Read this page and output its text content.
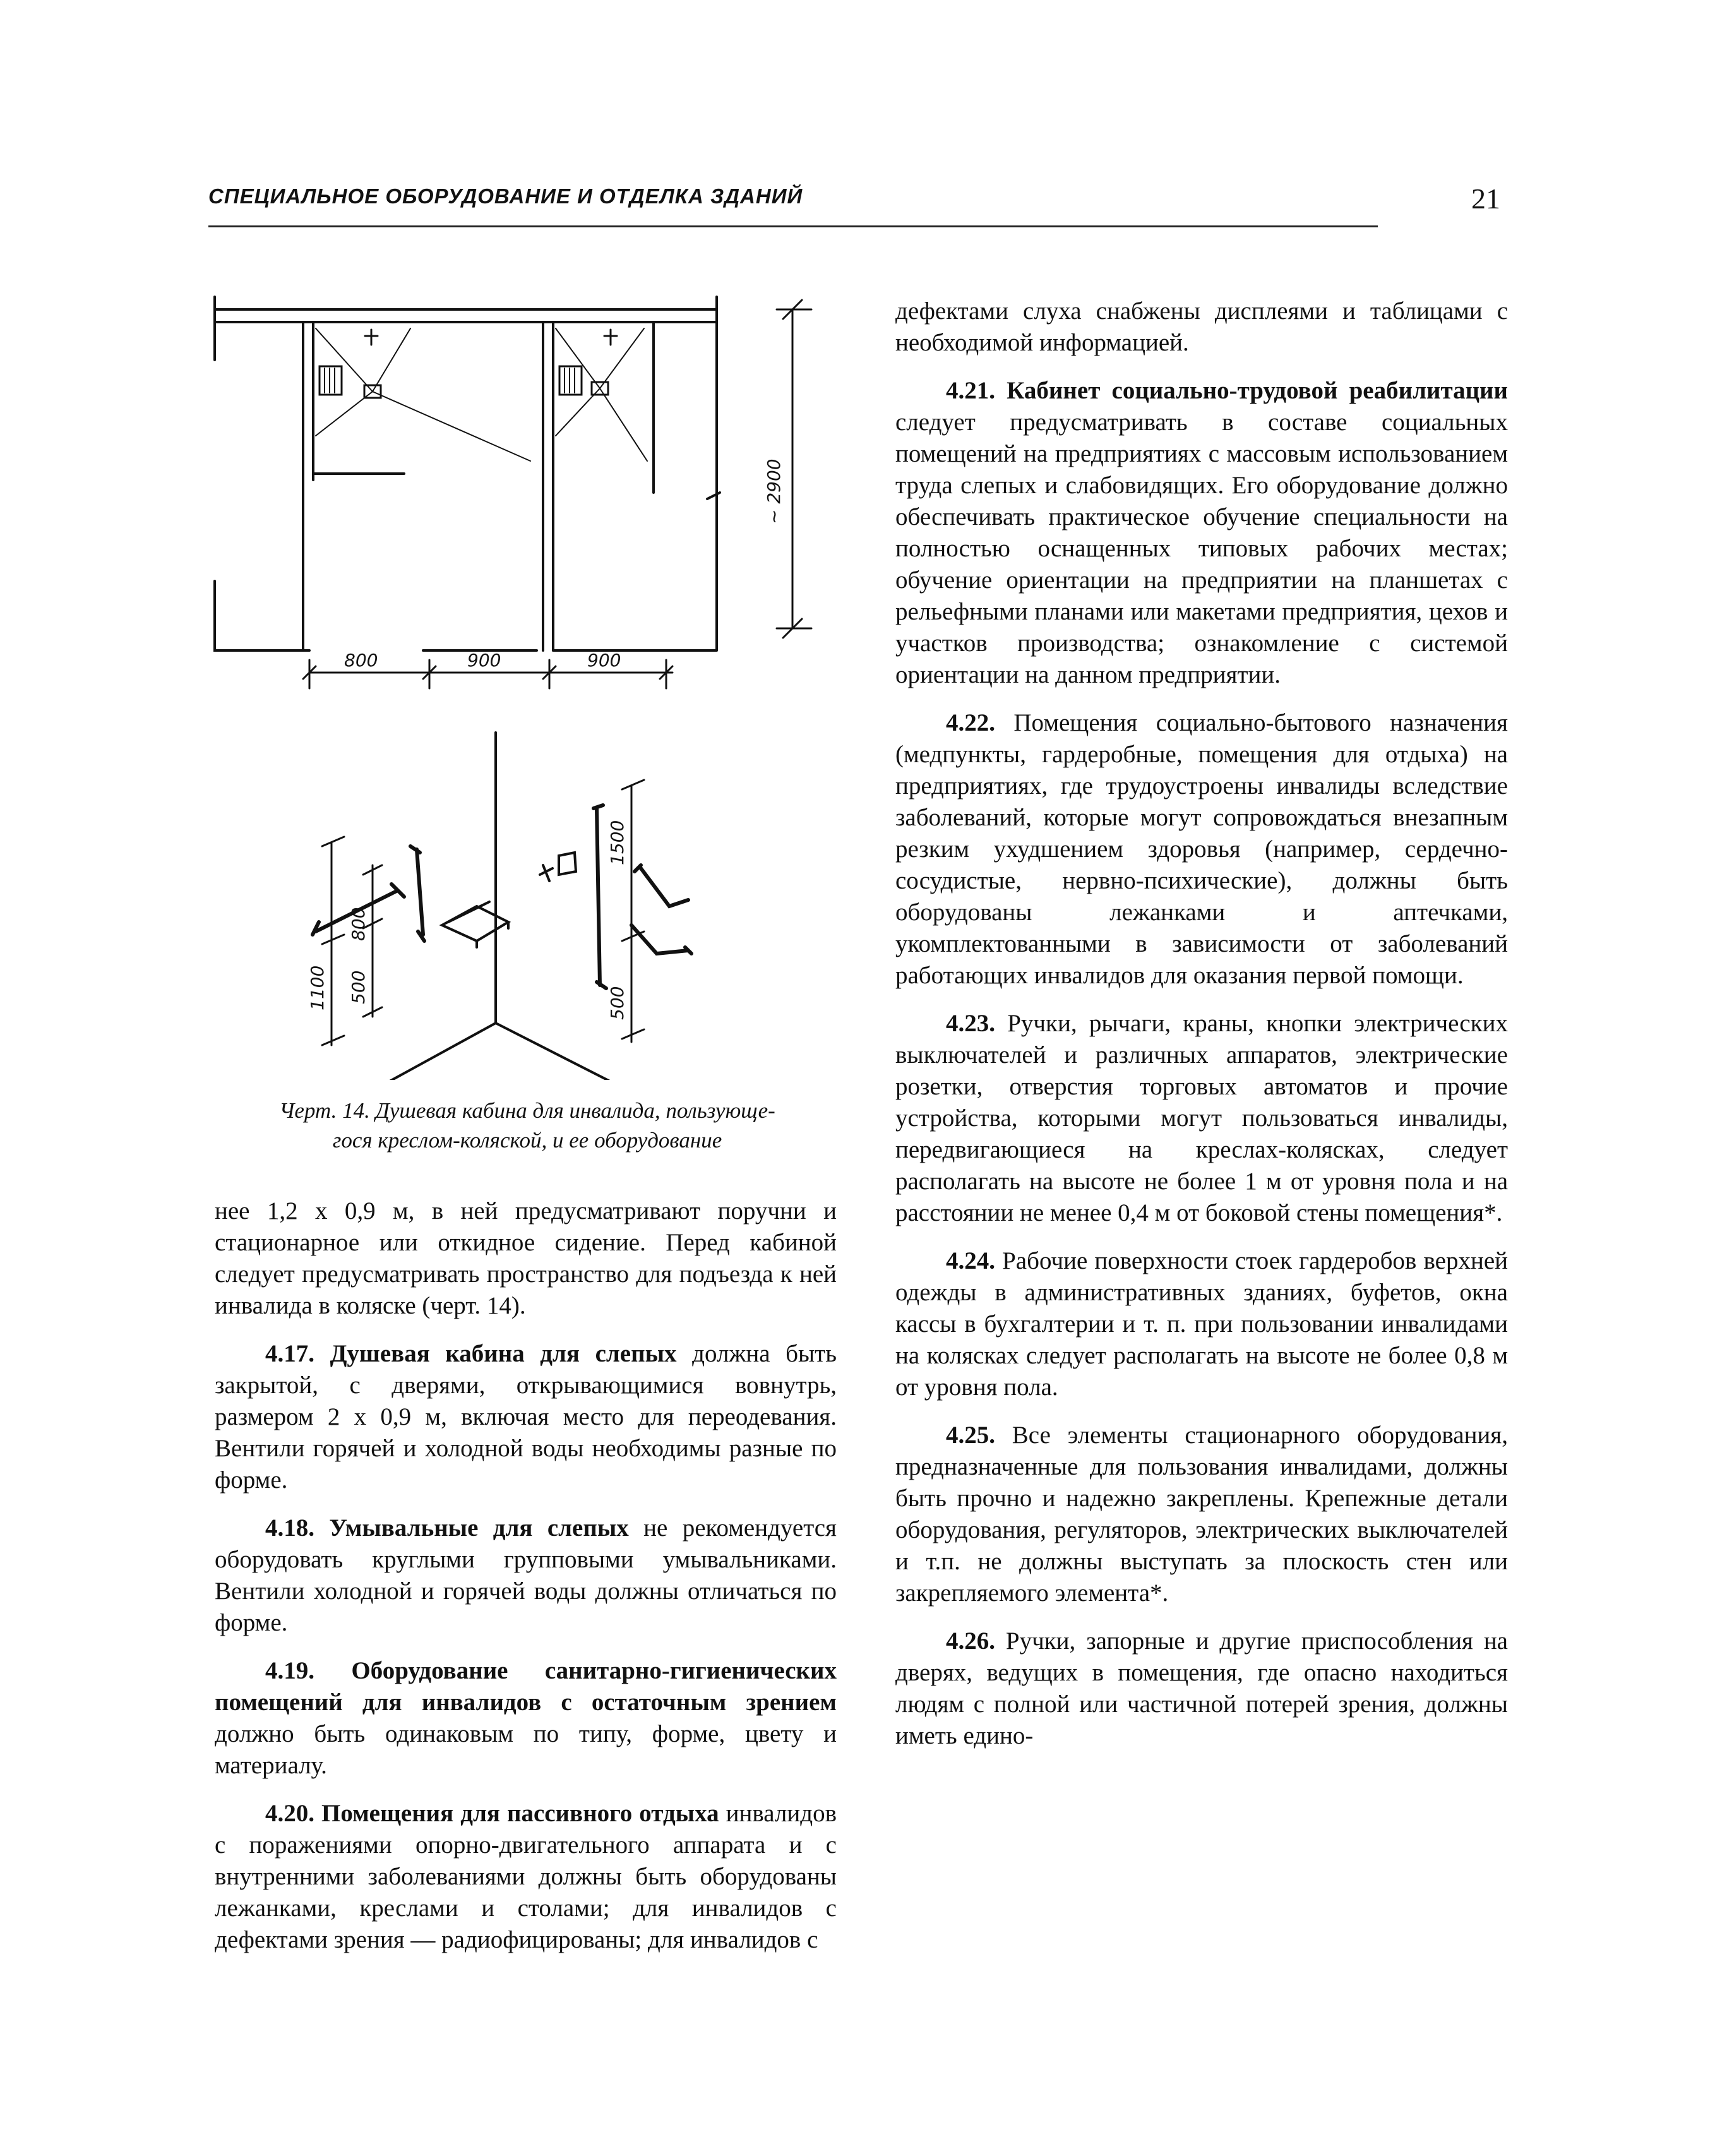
СПЕЦИАЛЬНОЕ ОБОРУДОВАНИЕ И ОТДЕЛКА ЗДАНИЙ	21
800	900	900
~ 2900
1100
800
500	500
1500
Черт. 14. Душевая кабина для инвалида, пользующе-
гося креслом-коляской, и ее оборудование

нее 1,2 х 0,9 м, в ней предусматривают поручни и стационарное или откидное сидение. Перед кабиной следует предусматривать пространство для подъезда к ней инвалида в коляске (черт. 14).

4.17. Душевая кабина для слепых должна быть закрытой, с дверями, открывающимися вовнутрь, размером 2 х 0,9 м, включая место для переодевания. Вентили горячей и холодной воды необходимы разные по форме.

4.18. Умывальные для слепых не рекомендуется оборудовать круглыми групповыми умывальниками. Вентили холодной и горячей воды должны отличаться по форме.

4.19. Оборудование санитарно-гигиенических помещений для инвалидов с остаточным зрением должно быть одинаковым по типу, форме, цвету и материалу.

4.20. Помещения для пассивного отдыха инвалидов с поражениями опорно-двигательного аппарата и с внутренними заболеваниями должны быть оборудованы лежанками, креслами и столами; для инвалидов с дефектами зрения — радиофицированы; для инвалидов с

дефектами слуха снабжены дисплеями и таблицами с необходимой информацией.

4.21. Кабинет социально-трудовой реабилитации следует предусматривать в составе социальных помещений на предприятиях с массовым использованием труда слепых и слабовидящих. Его оборудование должно обеспечивать практическое обучение специальности на полностью оснащенных типовых рабочих местах; обучение ориентации на предприятии на планшетах с рельефными планами или макетами предприятия, цехов и участков производства; ознакомление с системой ориентации на данном предприятии.

4.22. Помещения социально-бытового назначения (медпункты, гардеробные, помещения для отдыха) на предприятиях, где трудоустроены инвалиды вследствие заболеваний, которые могут сопровождаться внезапным резким ухудшением здоровья (например, сердечно-сосудистые, нервно-психические), должны быть оборудованы лежанками и аптечками, укомплектованными в зависимости от заболеваний работающих инвалидов для оказания первой помощи.

4.23. Ручки, рычаги, краны, кнопки электрических выключателей и различных аппаратов, электрические розетки, отверстия торговых автоматов и прочие устройства, которыми могут пользоваться инвалиды, передвигающиеся на креслах-колясках, следует располагать на высоте не более 1 м от уровня пола и на расстоянии не менее 0,4 м от боковой стены помещения*.

4.24. Рабочие поверхности стоек гардеробов верхней одежды в административных зданиях, буфетов, окна кассы в бухгалтерии и т. п. при пользовании инвалидами на колясках следует располагать на высоте не более 0,8 м от уровня пола.

4.25. Все элементы стационарного оборудования, предназначенные для пользования инвалидами, должны быть прочно и надежно закреплены. Крепежные детали оборудования, регуляторов, электрических выключателей и т.п. не должны выступать за плоскость стен или закрепляемого элемента*.

4.26. Ручки, запорные и другие приспособления на дверях, ведущих в помещения, где опасно находиться людям с полной или частичной потерей зрения, должны иметь едино-
